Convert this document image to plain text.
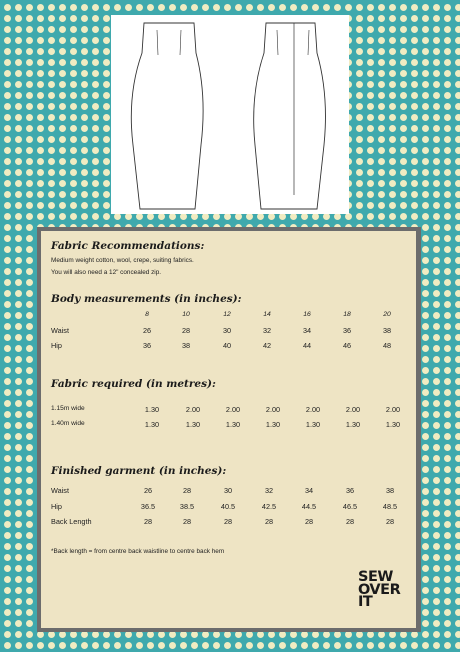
Fabric Recommendations:
Medium weight cotton, wool, crepe, suiting fabrics.
You will also need a 12" concealed zip.
Body measurements (in inches):
8	10	12	14	16	18	20
Waist	26	28	30	32	34	36	38
Hip	36	38	40	42	44	46	48
Fabric required (in metres):
1.15m wide	1.30	2.00	2.00	2.00	2.00	2.00	2.00
1.40m wide	1.30	1.30	1.30	1.30	1.30	1.30	1.30
Finished garment (in inches):
Waist	26	28	30	32	34	36	38
Hip	36.5	38.5	40.5	42.5	44.5	46.5	48.5
Back Length	28	28	28	28	28	28	28
*Back length = from centre back waistline to centre back hem
SEW
OVER
IT
